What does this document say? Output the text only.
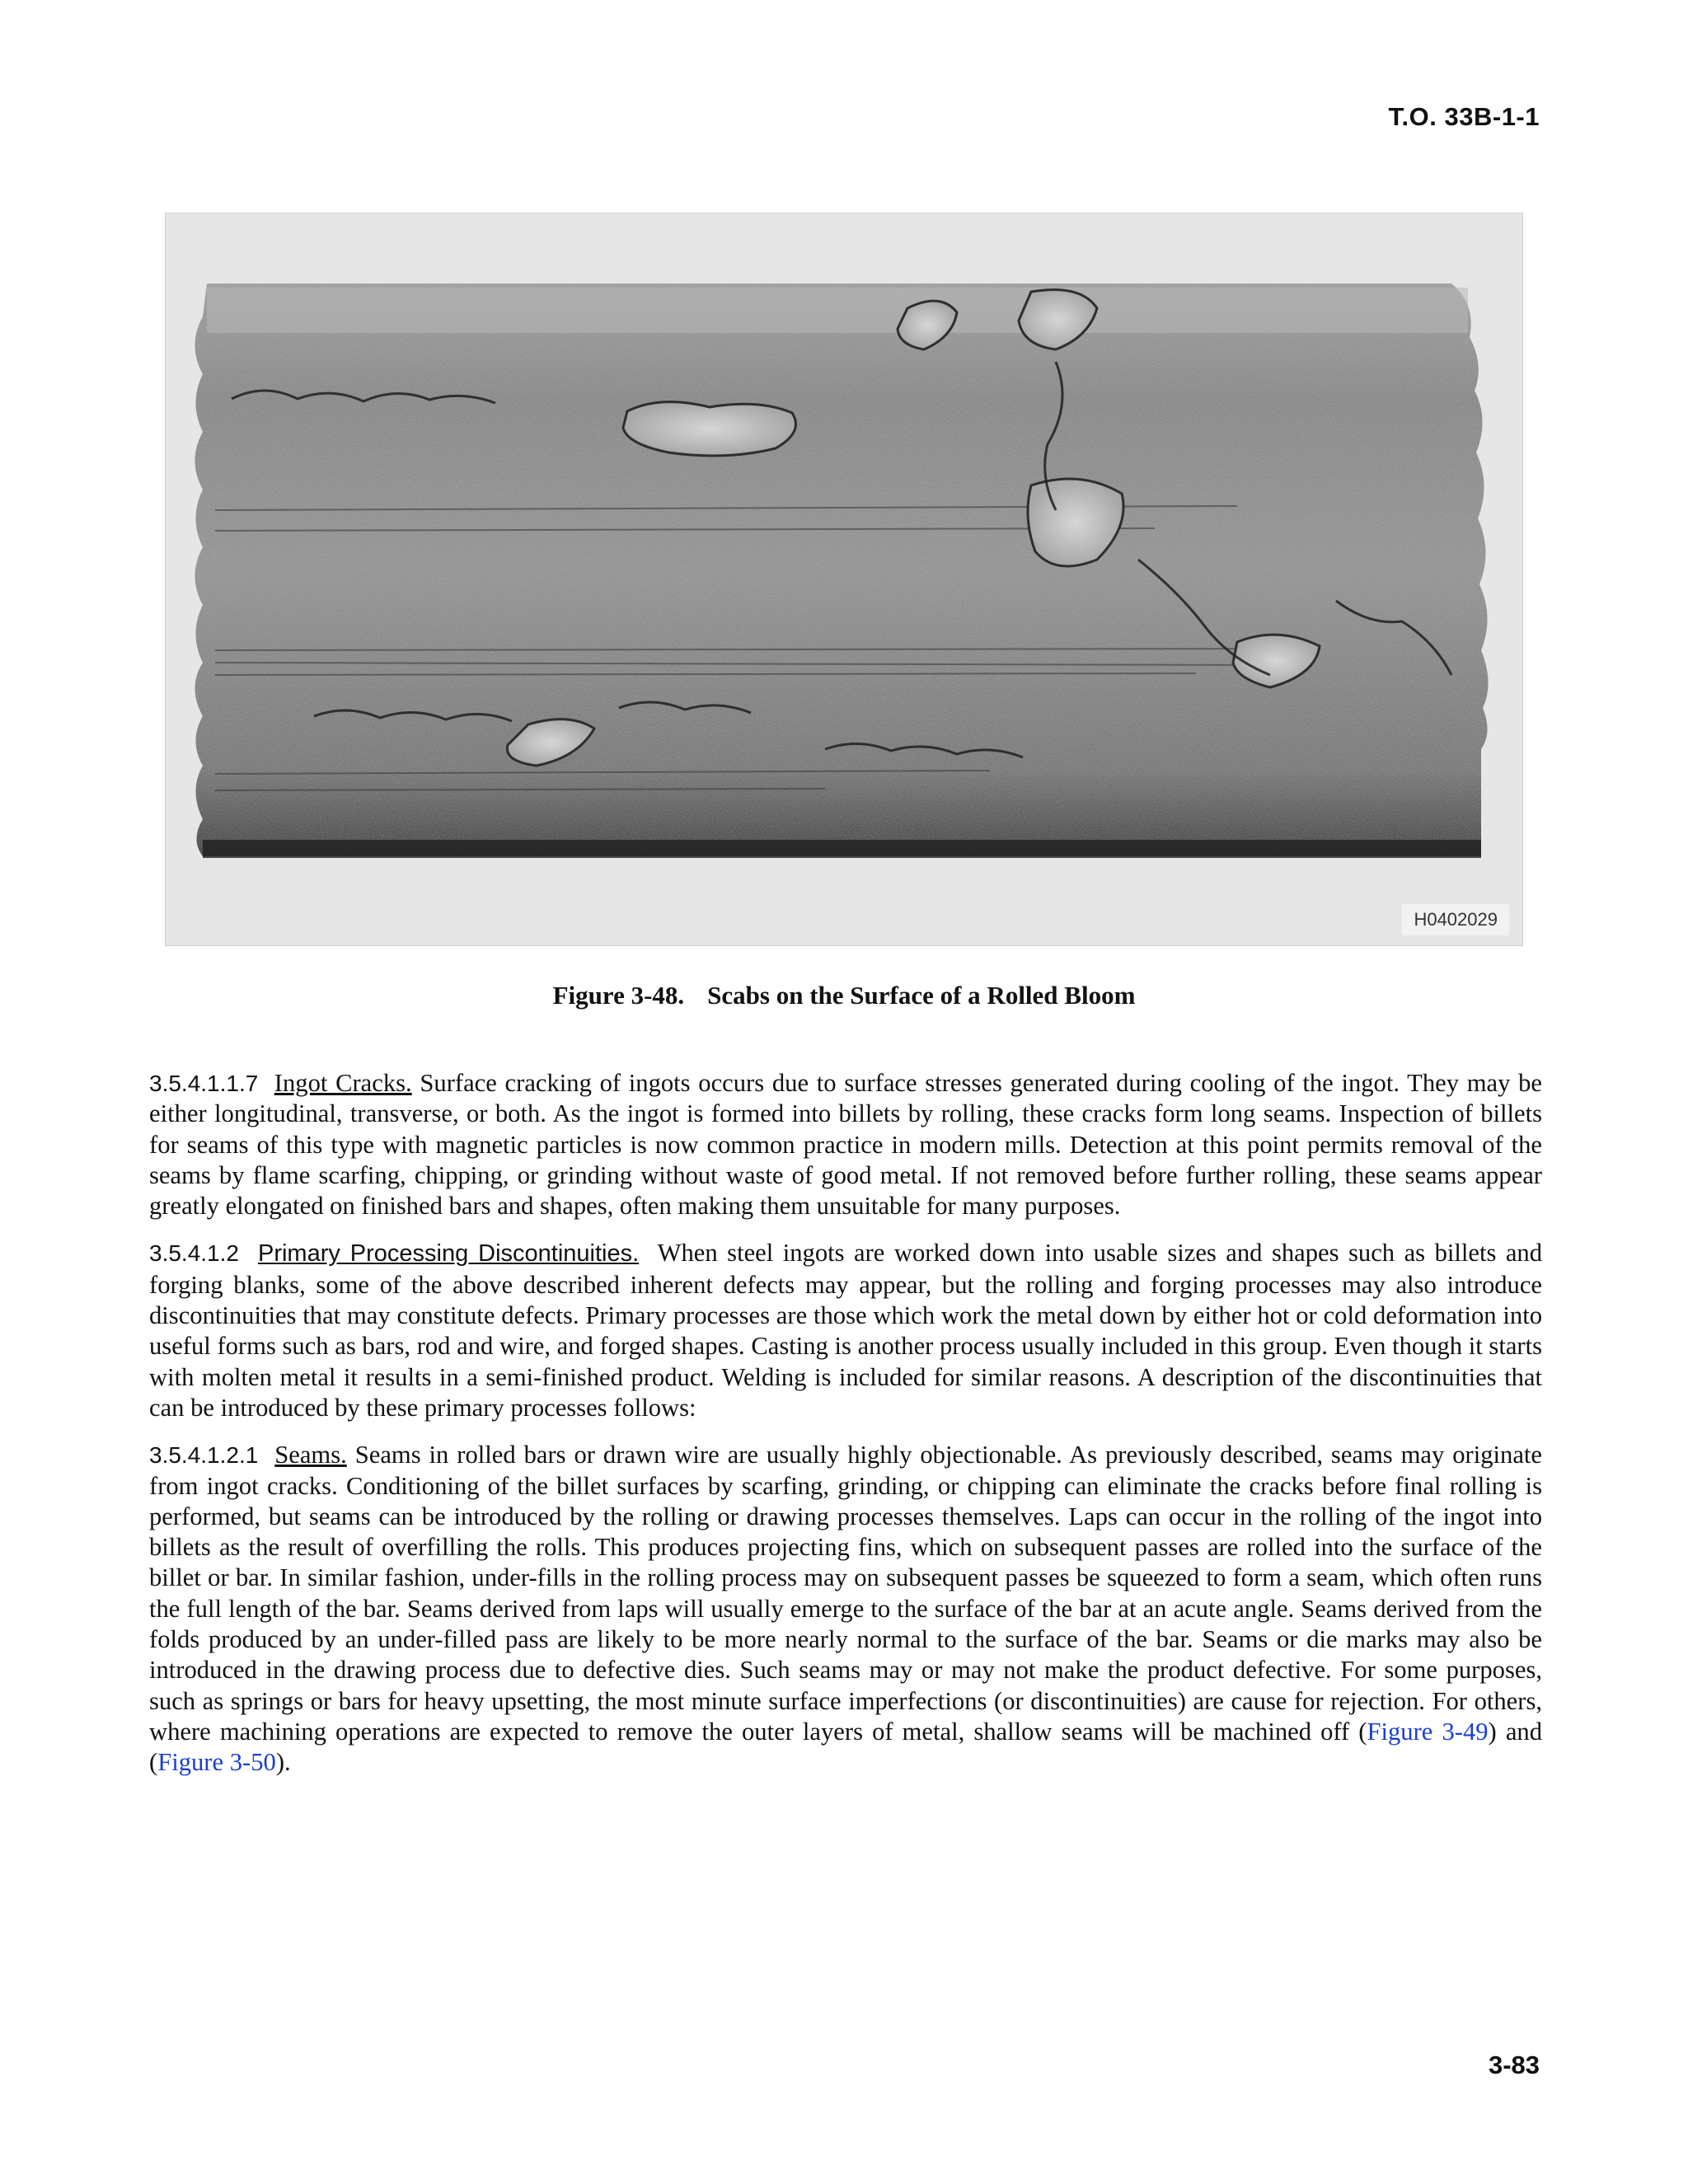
T.O. 33B-1-1
H0402029
Figure 3-48. Scabs on the Surface of a Rolled Bloom

3.5.4.1.1.7 Ingot Cracks. Surface cracking of ingots occurs due to surface stresses generated during cooling of the ingot. They may be either longitudinal, transverse, or both. As the ingot is formed into billets by rolling, these cracks form long seams. Inspection of billets for seams of this type with magnetic particles is now common practice in modern mills. Detection at this point permits removal of the seams by flame scarfing, chipping, or grinding without waste of good metal. If not removed before further rolling, these seams appear greatly elongated on finished bars and shapes, often making them unsuitable for many purposes.

3.5.4.1.2 Primary Processing Discontinuities. When steel ingots are worked down into usable sizes and shapes such as billets and forging blanks, some of the above described inherent defects may appear, but the rolling and forging processes may also introduce discontinuities that may constitute defects. Primary processes are those which work the metal down by either hot or cold deformation into useful forms such as bars, rod and wire, and forged shapes. Casting is another process usually included in this group. Even though it starts with molten metal it results in a semi-finished product. Welding is included for similar reasons. A description of the discontinuities that can be introduced by these primary processes follows:

3.5.4.1.2.1 Seams. Seams in rolled bars or drawn wire are usually highly objectionable. As previously described, seams may originate from ingot cracks. Conditioning of the billet surfaces by scarfing, grinding, or chipping can eliminate the cracks before final rolling is performed, but seams can be introduced by the rolling or drawing processes themselves. Laps can occur in the rolling of the ingot into billets as the result of overfilling the rolls. This produces projecting fins, which on subsequent passes are rolled into the surface of the billet or bar. In similar fashion, under-fills in the rolling process may on subsequent passes be squeezed to form a seam, which often runs the full length of the bar. Seams derived from laps will usually emerge to the surface of the bar at an acute angle. Seams derived from the folds produced by an under-filled pass are likely to be more nearly normal to the surface of the bar. Seams or die marks may also be introduced in the drawing process due to defective dies. Such seams may or may not make the product defective. For some purposes, such as springs or bars for heavy upsetting, the most minute surface imperfections (or discontinuities) are cause for rejection. For others, where machining operations are expected to remove the outer layers of metal, shallow seams will be machined off (Figure 3-49) and (Figure 3-50).

3-83
